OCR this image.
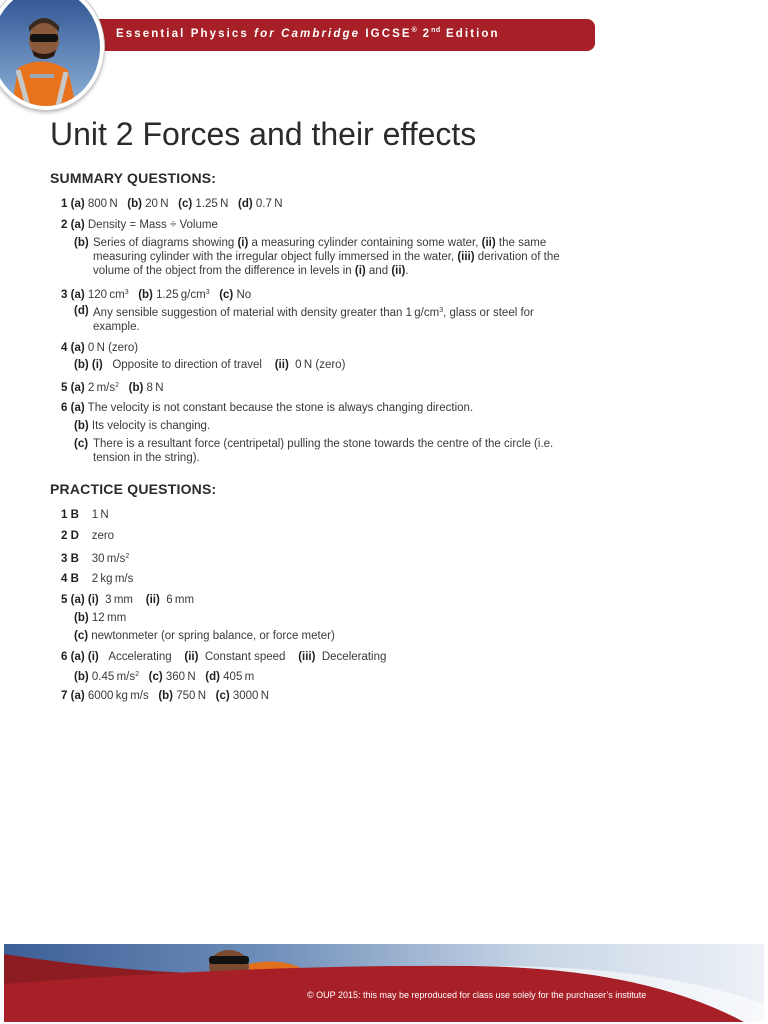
Essential Physics for Cambridge IGCSE® 2nd Edition
Unit 2 Forces and their effects
SUMMARY QUESTIONS:
1 (a) 800 N (b) 20 N (c) 1.25 N (d) 0.7 N
2 (a) Density = Mass ÷ Volume
(b) Series of diagrams showing (i) a measuring cylinder containing some water, (ii) the same measuring cylinder with the irregular object fully immersed in the water, (iii) derivation of the volume of the object from the difference in levels in (i) and (ii).
3 (a) 120 $cm^3$ (b) 1.25 $g/cm^3$ (c) No
(d) Any sensible suggestion of material with density greater than 1 $g/cm^3$, glass or steel for example.
4 (a) 0 N (zero)
(b) (i) Opposite to direction of travel (ii) 0 N (zero)
5 (a) 2 $m/s^2$ (b) 8 N
6 (a) The velocity is not constant because the stone is always changing direction.
(b) Its velocity is changing.
(c) There is a resultant force (centripetal) pulling the stone towards the centre of the circle (i.e. tension in the string).
PRACTICE QUESTIONS:
1 B 1 N
2 D zero
3 B 30 $m/s^2$
4 B 2 kg m/s
5 (a) (i) 3 mm (ii) 6 mm
(b) 12 mm
(c) newtonmeter (or spring balance, or force meter)
6 (a) (i) Accelerating (ii) Constant speed (iii) Decelerating
(b) 0.45 $m/s^2$ (c) 360 N (d) 405 m
7 (a) 6000 kg m/s (b) 750 N (c) 3000 N
© OUP 2015: this may be reproduced for class use solely for the purchaser’s institute
